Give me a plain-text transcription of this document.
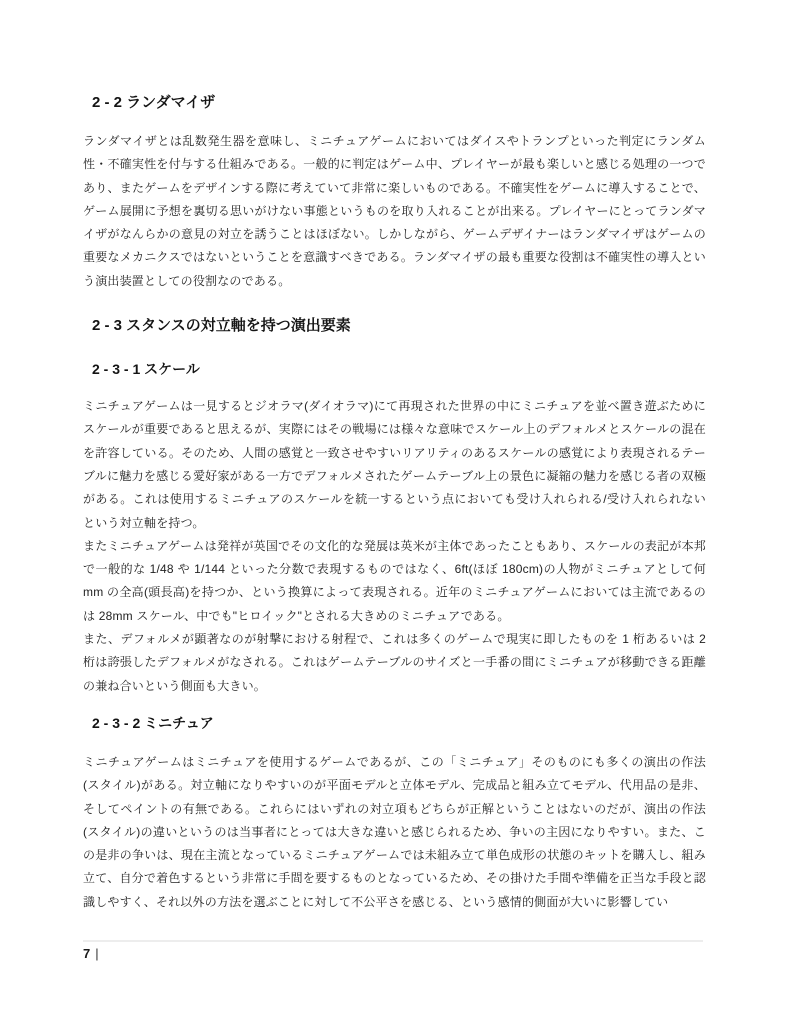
2 - 2 ランダマイザ

ランダマイザとは乱数発生器を意味し、ミニチュアゲームにおいてはダイスやトランプといった判定にランダム性・不確実性を付与する仕組みである。一般的に判定はゲーム中、プレイヤーが最も楽しいと感じる処理の一つであり、またゲームをデザインする際に考えていて非常に楽しいものである。不確実性をゲームに導入することで、ゲーム展開に予想を裏切る思いがけない事態というものを取り入れることが出来る。プレイヤーにとってランダマイザがなんらかの意見の対立を誘うことはほぼない。しかしながら、ゲームデザイナーはランダマイザはゲームの重要なメカニクスではないということを意識すべきである。ランダマイザの最も重要な役割は不確実性の導入という演出装置としての役割なのである。

2 - 3 スタンスの対立軸を持つ演出要素
2 - 3 - 1 スケール

ミニチュアゲームは一見するとジオラマ(ダイオラマ)にて再現された世界の中にミニチュアを並べ置き遊ぶためにスケールが重要であると思えるが、実際にはその戦場には様々な意味でスケール上のデフォルメとスケールの混在を許容している。そのため、人間の感覚と一致させやすいリアリティのあるスケールの感覚により表現されるテーブルに魅力を感じる愛好家がある一方でデフォルメされたゲームテーブル上の景色に凝縮の魅力を感じる者の双極がある。これは使用するミニチュアのスケールを統一するという点においても受け入れられる/受け入れられないという対立軸を持つ。

またミニチュアゲームは発祥が英国でその文化的な発展は英米が主体であったこともあり、スケールの表記が本邦で一般的な 1/48 や 1/144 といった分数で表現するものではなく、6ft(ほぼ 180cm)の人物がミニチュアとして何 mm の全高(頭長高)を持つか、という換算によって表現される。近年のミニチュアゲームにおいては主流であるのは 28mm スケール、中でも"ヒロイック"とされる大きめのミニチュアである。

また、デフォルメが顕著なのが射撃における射程で、これは多くのゲームで現実に即したものを 1 桁あるいは 2 桁は誇張したデフォルメがなされる。これはゲームテーブルのサイズと一手番の間にミニチュアが移動できる距離の兼ね合いという側面も大きい。

2 - 3 - 2 ミニチュア

ミニチュアゲームはミニチュアを使用するゲームであるが、この「ミニチュア」そのものにも多くの演出の作法(スタイル)がある。対立軸になりやすいのが平面モデルと立体モデル、完成品と組み立てモデル、代用品の是非、そしてペイントの有無である。これらにはいずれの対立項もどちらが正解ということはないのだが、演出の作法(スタイル)の違いというのは当事者にとっては大きな違いと感じられるため、争いの主因になりやすい。また、この是非の争いは、現在主流となっているミニチュアゲームでは未組み立て単色成形の状態のキットを購入し、組み立て、自分で着色するという非常に手間を要するものとなっているため、その掛けた手間や準備を正当な手段と認識しやすく、それ以外の方法を選ぶことに対して不公平さを感じる、という感情的側面が大いに影響してい

7 |
